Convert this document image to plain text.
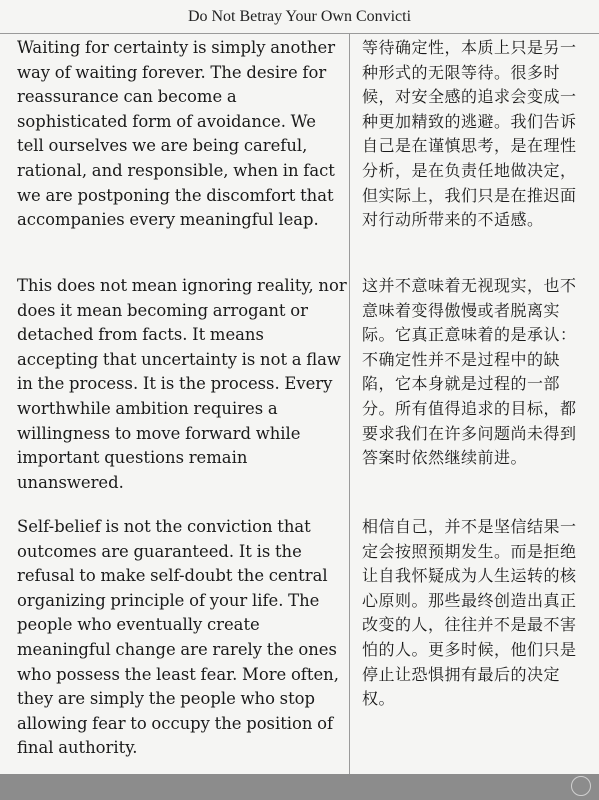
Do Not Betray Your Own Convicti

Waiting for certainty is simply another way of waiting forever. The desire for reassurance can become a sophisticated form of avoidance. We tell ourselves we are being careful, rational, and responsible, when in fact we are postponing the discomfort that accompanies every meaningful leap.

等待确定性，本质上只是另一种形式的无限等待。很多时候，对安全感的追求会变成一种更加精致的逃避。我们告诉自己是在谨慎思考，是在理性分析，是在负责任地做决定，但实际上，我们只是在推迟面对行动所带来的不适感。

This does not mean ignoring reality, nor does it mean becoming arrogant or detached from facts. It means accepting that uncertainty is not a flaw in the process. It is the process. Every worthwhile ambition requires a willingness to move forward while important questions remain unanswered.

这并不意味着无视现实，也不意味着变得傲慢或者脱离实际。它真正意味着的是承认：不确定性并不是过程中的缺陷，它本身就是过程的一部分。所有值得追求的目标，都要求我们在许多问题尚未得到答案时依然继续前进。

Self-belief is not the conviction that outcomes are guaranteed. It is the refusal to make self-doubt the central organizing principle of your life. The people who eventually create meaningful change are rarely the ones who possess the least fear. More often, they are simply the people who stop allowing fear to occupy the position of final authority.

相信自己，并不是坚信结果一定会按照预期发生。而是拒绝让自我怀疑成为人生运转的核心原则。那些最终创造出真正改变的人，往往并不是最不害怕的人。更多时候，他们只是停止让恐惧拥有最后的决定权。
